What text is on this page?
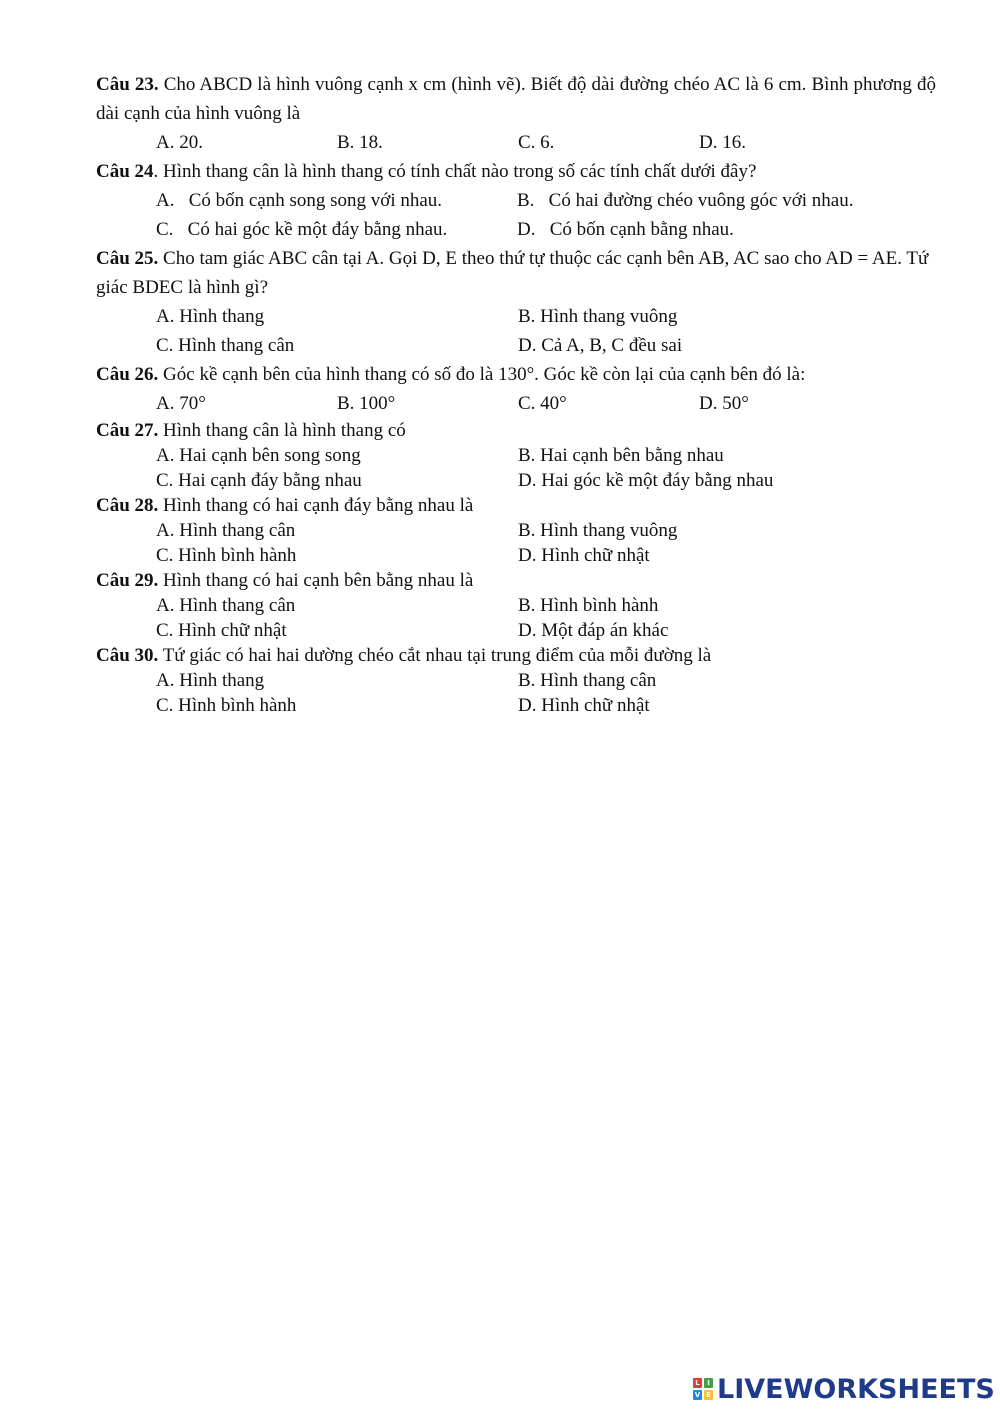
Câu 23. Cho ABCD là hình vuông cạnh x cm (hình vẽ). Biết độ dài đường chéo AC là 6 cm. Bình phương độ dài cạnh của hình vuông là

A. 20.	B. 18.	C. 6.	D. 16.

Câu 24. Hình thang cân là hình thang có tính chất nào trong số các tính chất dưới đây?

A.   Có bốn cạnh song song với nhau.	B.   Có hai đường chéo vuông góc với nhau.
C.   Có hai góc kề một đáy bằng nhau.	D.   Có bốn cạnh bằng nhau.

Câu 25. Cho tam giác ABC cân tại A. Gọi D, E theo thứ tự thuộc các cạnh bên AB, AC sao cho AD = AE. Tứ giác BDEC là hình gì?

A. Hình thang	B. Hình thang vuông
C. Hình thang cân	D. Cả A, B, C đều sai

Câu 26. Góc kề cạnh bên của hình thang có số đo là 130°. Góc kề còn lại của cạnh bên đó là:

A. 70°	B. 100°	C. 40°	D. 50°

Câu 27. Hình thang cân là hình thang có

A. Hai cạnh bên song song	B. Hai cạnh bên bằng nhau
C. Hai cạnh đáy bằng nhau	D. Hai góc kề một đáy bằng nhau

Câu 28. Hình thang có hai cạnh đáy bằng nhau là

A. Hình thang cân	B. Hình thang vuông
C. Hình bình hành	D. Hình chữ nhật

Câu 29. Hình thang có hai cạnh bên bằng nhau là

A. Hình thang cân	B. Hình bình hành
C. Hình chữ nhật	D. Một đáp án khác

Câu 30. Tứ giác có hai hai dường chéo cắt nhau tại trung điểm của mỗi đường là

A. Hình thang	B. Hình thang cân
C. Hình bình hành	D. Hình chữ nhật
L	I
V E LIVEWORKSHEETS
